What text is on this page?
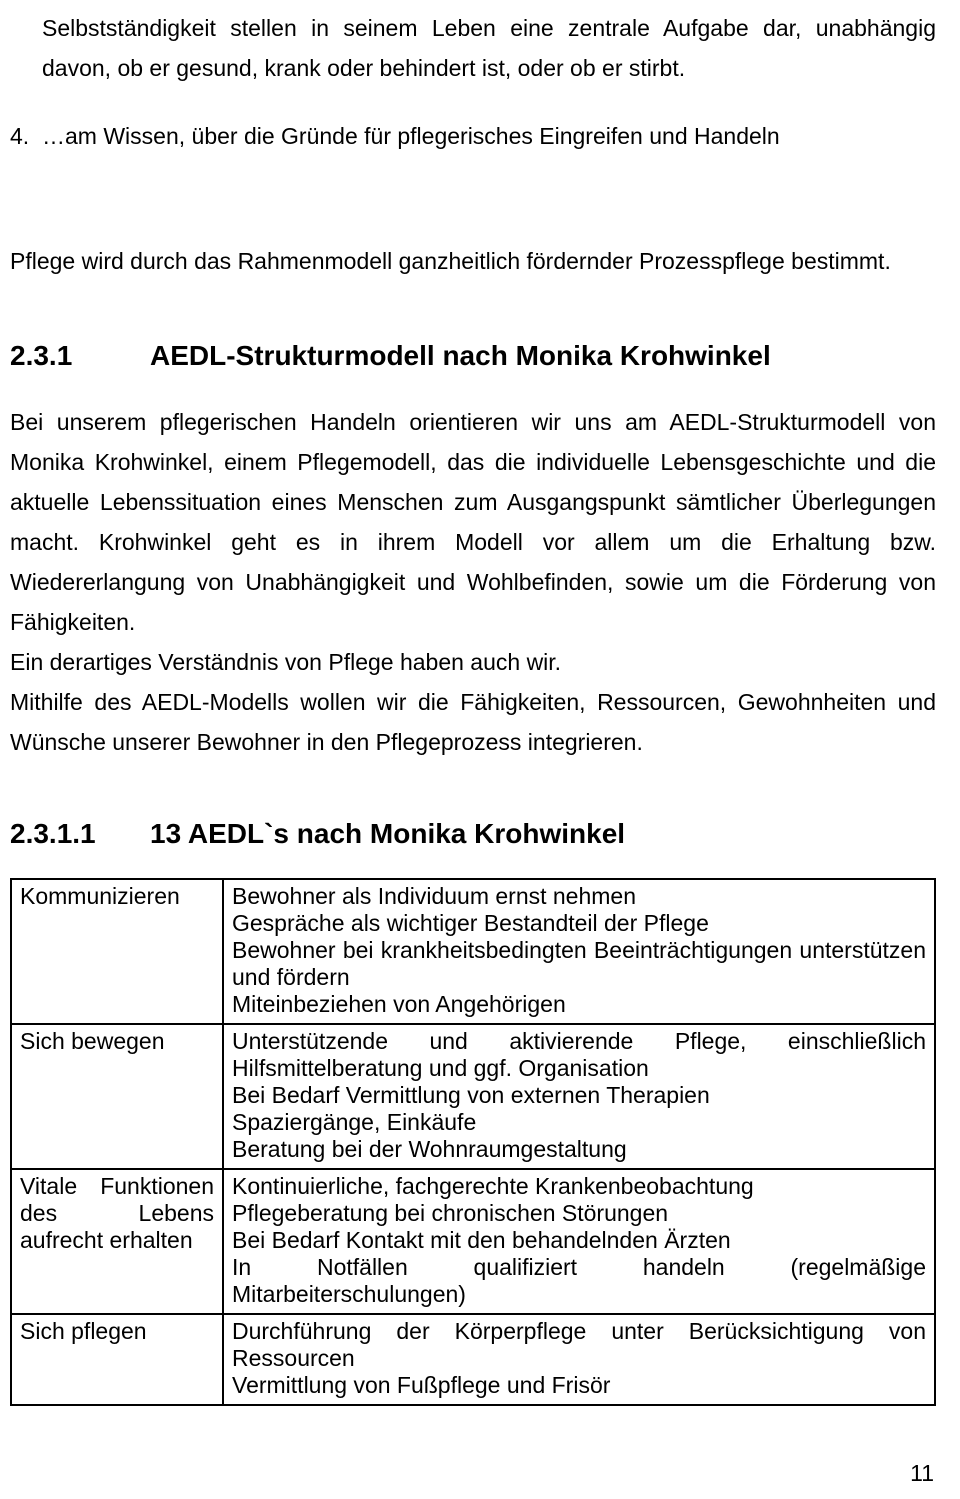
Selbstständigkeit stellen in seinem Leben eine zentrale Aufgabe dar, unabhängig davon, ob er gesund, krank oder behindert ist, oder ob er stirbt.

4. …am Wissen, über die Gründe für pflegerisches Eingreifen und Handeln

Pflege wird durch das Rahmenmodell ganzheitlich fördernder Prozesspflege bestimmt.

2.3.1	AEDL-Strukturmodell nach Monika Krohwinkel

Bei unserem pflegerischen Handeln orientieren wir uns am AEDL-Strukturmodell von Monika Krohwinkel, einem Pflegemodell, das die individuelle Lebensgeschichte und die aktuelle Lebenssituation eines Menschen zum Ausgangspunkt sämtlicher Überlegungen macht. Krohwinkel geht es in ihrem Modell vor allem um die Erhaltung bzw. Wiedererlangung von Unabhängigkeit und Wohlbefinden, sowie um die Förderung von Fähigkeiten.

Ein derartiges Verständnis von Pflege haben auch wir.

Mithilfe des AEDL-Modells wollen wir die Fähigkeiten, Ressourcen, Gewohnheiten und Wünsche unserer Bewohner in den Pflegeprozess integrieren.

2.3.1.1 13 AEDL`s nach Monika Krohwinkel
Kommunizieren	Bewohner als Individuum ernst nehmen
Gespräche als wichtiger Bestandteil der Pflege
Bewohner bei krankheitsbedingten Beeinträchtigungen unterstützen und fördern
Miteinbeziehen von Angehörigen

Sich bewegen	Unterstützende und aktivierende Pflege, einschließlich Hilfsmittelberatung und ggf. Organisation
Bei Bedarf Vermittlung von externen Therapien
Spaziergänge, Einkäufe
Beratung bei der Wohnraumgestaltung

Vitale Funktionen des Lebens aufrecht erhalten	Kontinuierliche, fachgerechte Krankenbeobachtung
Pflegeberatung bei chronischen Störungen
Bei Bedarf Kontakt mit den behandelnden Ärzten
In Notfällen qualifiziert handeln (regelmäßige Mitarbeiterschulungen)

Sich pflegen	Durchführung der Körperpflege unter Berücksichtigung von Ressourcen
Vermittlung von Fußpflege und Frisör
11
